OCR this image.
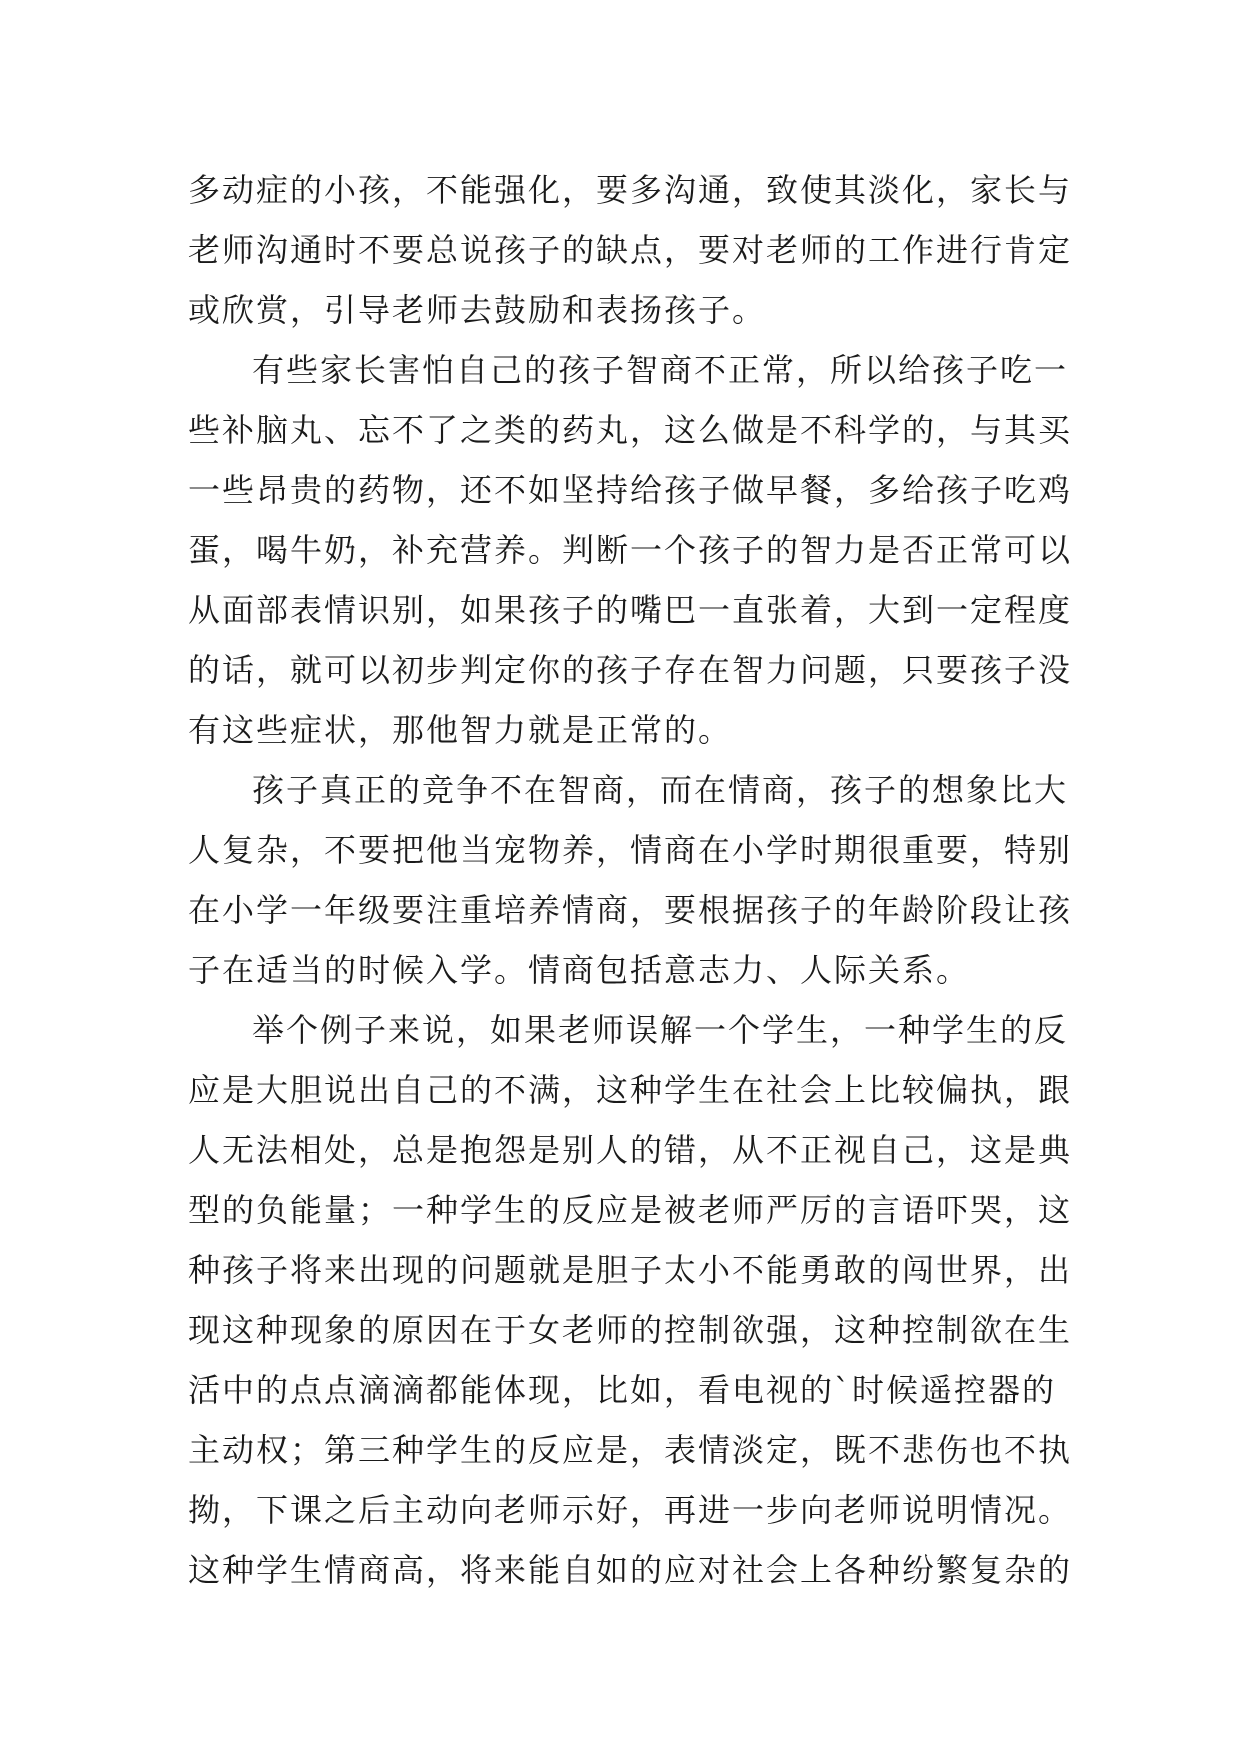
多动症的小孩，不能强化，要多沟通，致使其淡化，家长与
老师沟通时不要总说孩子的缺点，要对老师的工作进行肯定
或欣赏，引导老师去鼓励和表扬孩子。
有些家长害怕自己的孩子智商不正常，所以给孩子吃一
些补脑丸、忘不了之类的药丸，这么做是不科学的，与其买
一些昂贵的药物，还不如坚持给孩子做早餐，多给孩子吃鸡
蛋，喝牛奶，补充营养。判断一个孩子的智力是否正常可以
从面部表情识别，如果孩子的嘴巴一直张着，大到一定程度
的话，就可以初步判定你的孩子存在智力问题，只要孩子没
有这些症状，那他智力就是正常的。
孩子真正的竞争不在智商，而在情商，孩子的想象比大
人复杂，不要把他当宠物养，情商在小学时期很重要，特别
在小学一年级要注重培养情商，要根据孩子的年龄阶段让孩
子在适当的时候入学。情商包括意志力、人际关系。
举个例子来说，如果老师误解一个学生，一种学生的反
应是大胆说出自己的不满，这种学生在社会上比较偏执，跟
人无法相处，总是抱怨是别人的错，从不正视自己，这是典
型的负能量；一种学生的反应是被老师严厉的言语吓哭，这
种孩子将来出现的问题就是胆子太小不能勇敢的闯世界，出
现这种现象的原因在于女老师的控制欲强，这种控制欲在生
活中的点点滴滴都能体现，比如，看电视的`时候遥控器的
主动权；第三种学生的反应是，表情淡定，既不悲伤也不执
拗，下课之后主动向老师示好，再进一步向老师说明情况。
这种学生情商高，将来能自如的应对社会上各种纷繁复杂的
